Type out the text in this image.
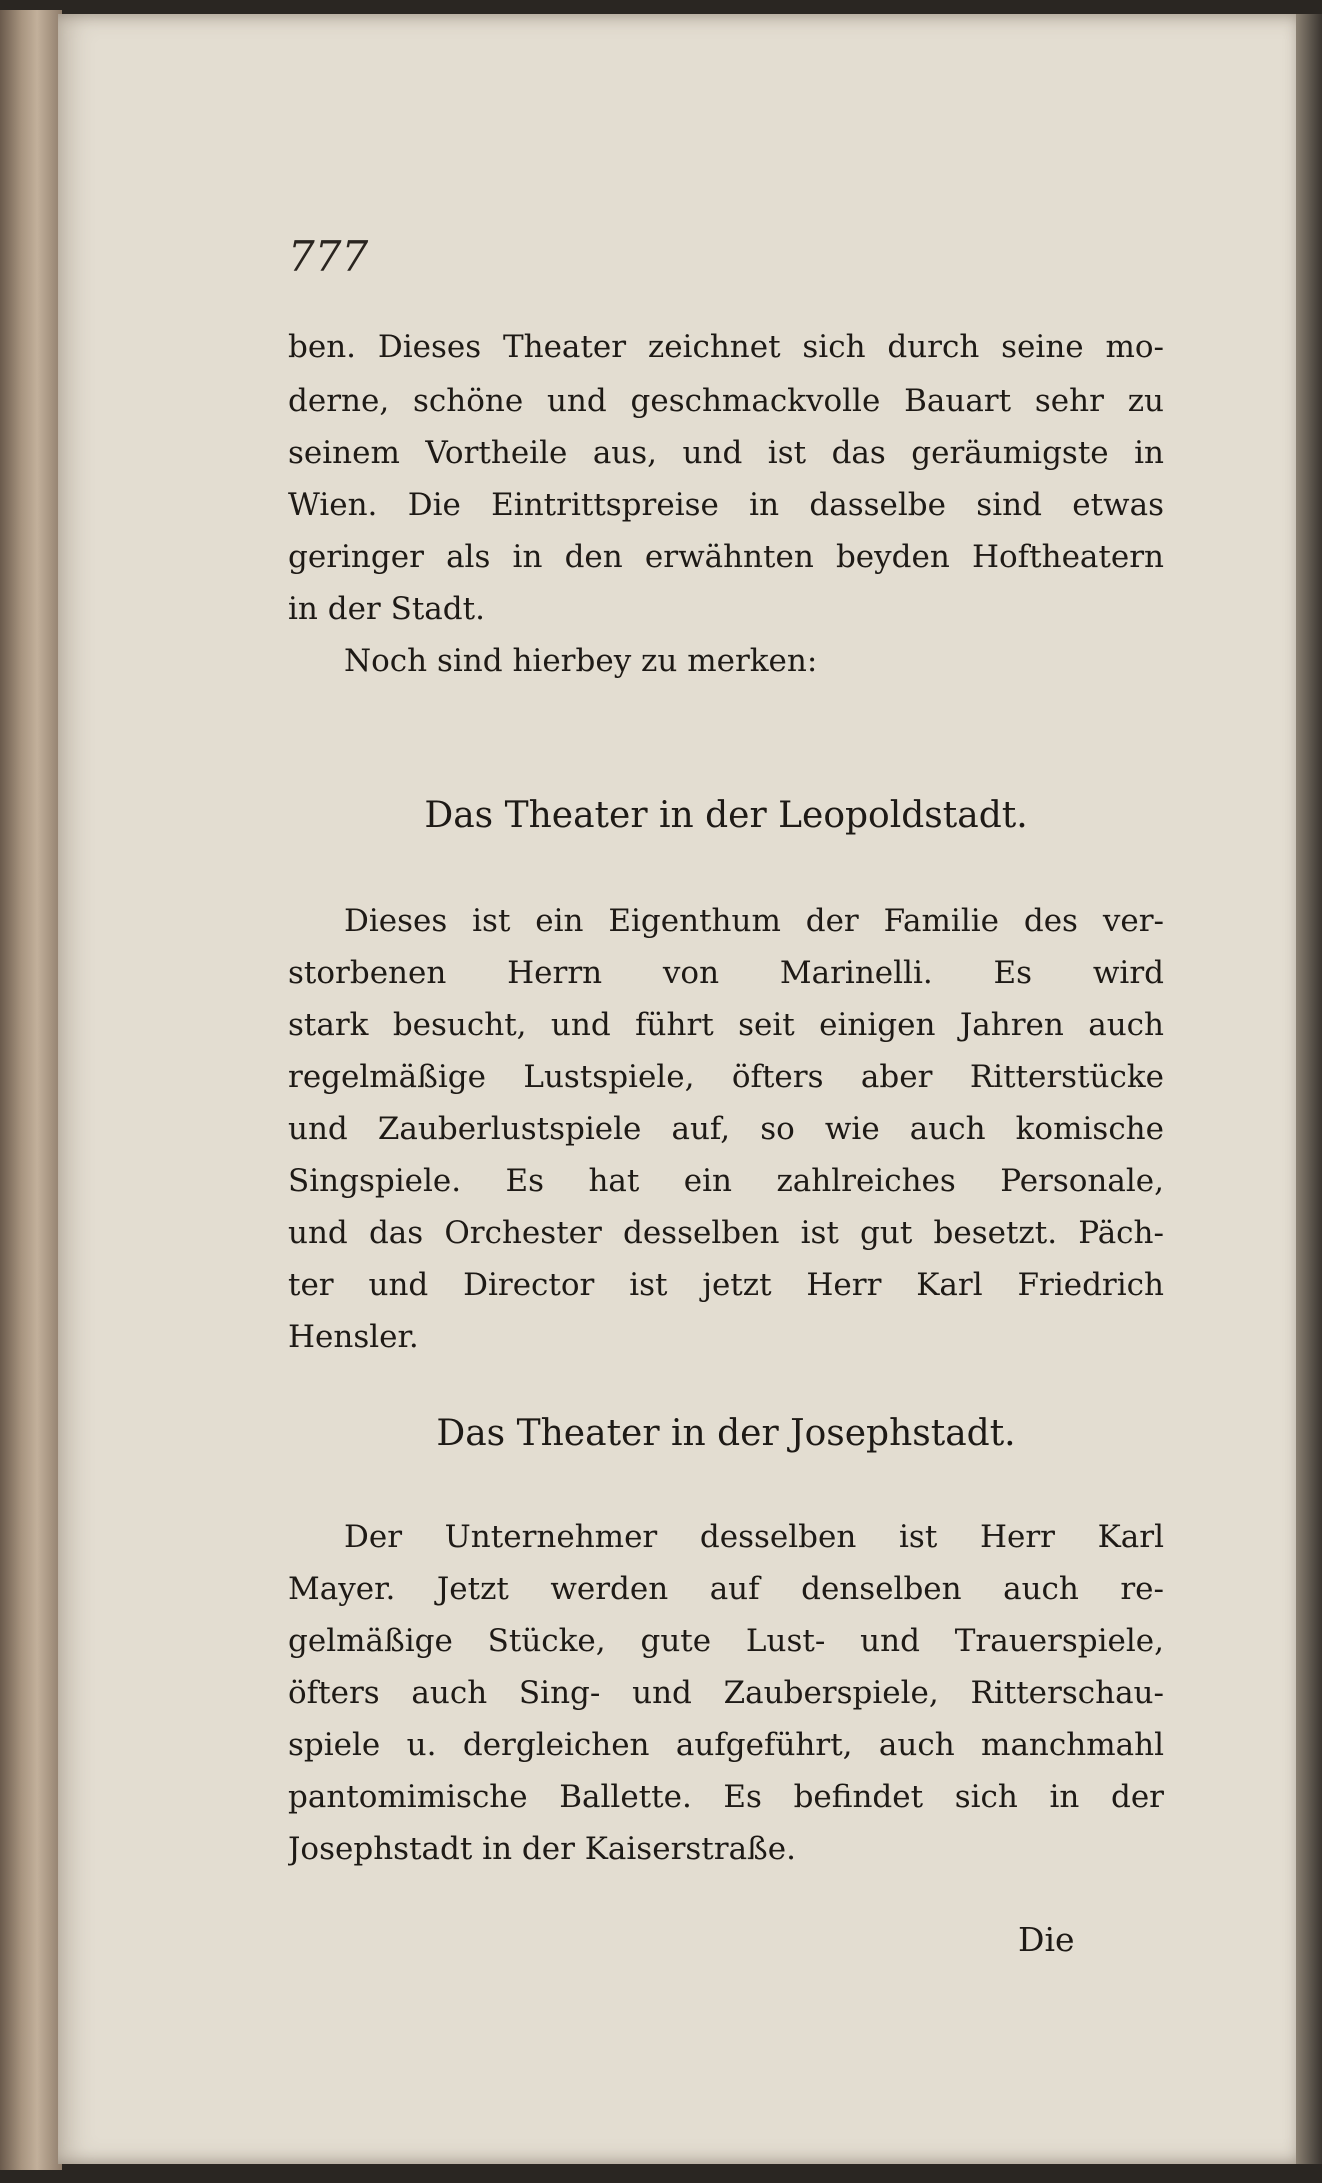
777
ben. Dieses Theater zeichnet sich durch seine mo-
derne, schöne und geschmackvolle Bauart sehr zu
seinem Vortheile aus, und ist das geräumigste in
Wien. Die Eintrittspreise in dasselbe sind etwas
geringer als in den erwähnten beyden Hoftheatern
in der Stadt.
Noch sind hierbey zu merken:
Das Theater in der Leopoldstadt.
Dieses ist ein Eigenthum der Familie des ver-
storbenen Herrn von Marinelli. Es wird
stark besucht, und führt seit einigen Jahren auch
regelmäßige Lustspiele, öfters aber Ritterstücke
und Zauberlustspiele auf, so wie auch komische
Singspiele. Es hat ein zahlreiches Personale,
und das Orchester desselben ist gut besetzt. Päch-
ter und Director ist jetzt Herr Karl Friedrich
Hensler.
Das Theater in der Josephstadt.
Der Unternehmer desselben ist Herr Karl
Mayer. Jetzt werden auf denselben auch re-
gelmäßige Stücke, gute Lust- und Trauerspiele,
öfters auch Sing- und Zauberspiele, Ritterschau-
spiele u. dergleichen aufgeführt, auch manchmahl
pantomimische Ballette. Es befindet sich in der
Josephstadt in der Kaiserstraße.
Die
